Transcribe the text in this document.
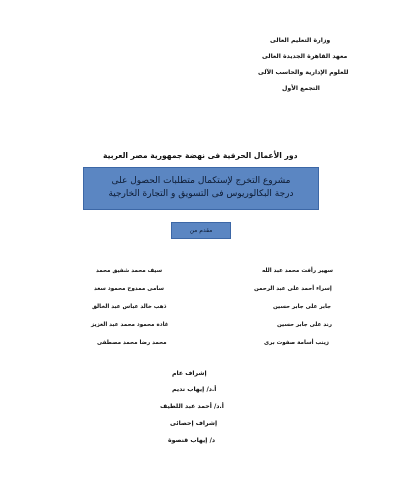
وزارة التعليم العالى
معهد القاهرة الجديدة العالى
للعلوم الإدارية والحاسب الآلى
التجمع الأول
دور الأعمال الحرفية فى نهضة جمهورية مصر العربية
مشروع التخرج لإستكمال متطلبات الحصول على
درجة البكالوريوس فى التسويق و التجارة الخارجية
مقدم من
سهير رأفت محمد عبد الله
إسراء أحمد على عبد الرحمن
جابر على جابر حسين
رند على جابر حسين
زينب أسامة صفوت برى
سيف محمد شفيق محمد
سامى ممدوح محمود سعد
ذهب خالد عباس عبد الخالق
غادة محمود محمد عبد العزيز
محمد رضا محمد مصطفى
إشراف عام
أ.د/ إيهاب نديم
أ.د/ أحمد عبد اللطيف
إشراف إحصائى
د/ إيهاب قنصوة
